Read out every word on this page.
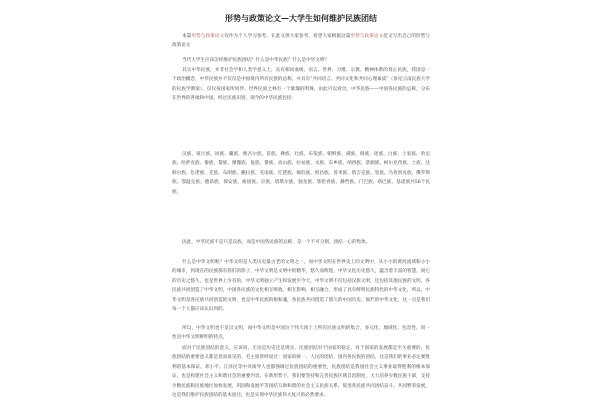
形势与政策论文—大学生如何维护民族团结

本篇形势与政策论文仅作为个人学习参考，在此文供大家参考，希望大家根据这篇形势与政策论文范文写出自己的形势与政策论文

当代大学生应该怎样维护民族团结？什么是中华民族？什么是中华文明？

其实中华民族，并非社会学和人类学意义上，具有相同血统、语言、世界、习惯、宗教、精神体系的真正民族，我国是一个政治概念，中华民族并不仅仅是中国境内所有民族的总称，并具有“共同语言、共同文化和共同心理素质”（参见云南民族大学的民族学教案），仅仅按国家所同伴、世界民族之林有一个璀璨的明珠，由此可以看出，中华民族——中国各民族的总称，分布在世界的各地和中国，经过民族识别，现今的中华民族包括：

汉族、蒙古族、回族、藏族、维吾尔族、苗族、彝族、壮族、布依族、朝鲜族、满族、侗族、瑶族、白族、土家族、哈尼族、哈萨克族、傣族、黎族、傈僳族、佤族、畲族、高山族、拉祜族、水族、东乡族、纳西族、景颇族、柯尔克孜族、土族、达斡尔族、仫佬族、羌族、布朗族、撒拉族、毛南族、仡佬族、锡伯族、阿昌族、普米族、塔吉克族、怒族、乌孜别克族、俄罗斯族、鄂温克族、德昂族、保安族、裕固族、京族、塔塔尔族、独龙族、鄂伦春族、赫哲族、门巴族、珞巴族、基诺族共56个民族。

因此，中华民族不是只是汉族，而是中国各民族的总称，是一个不可分割、团结一心的集体。

什么是中华文明呢？中华文明是人类历史最古老的文明之一，而中华文明在世界史上的文明中，从小小的黄河流域和小小的城市，到现在的民族都有我们的影子，中华文明是文明中的精华，悠久而辉煌，中华文化历史悠久，蕴含着丰富的智慧，而它的历史之悠久，也是世界上少有的，中华文明独立产生和发展至今天，中华文明不仅包括汉族文明，还包括其他民族的文明，各民族共同创造了中华文明，中国各民族的文化相互吸收、相互影响、相互融合，形成了具有鲜明民族特色的中华文化，所以，中华文明是各民族共同创造的文明，也是中华民族的根和魂，各民族共同创造了悠久的中国历史、灿烂的中华文化，这一点是我们每一个人都应该认识到的。

所以，中华文明也不是汉文明，而中华文明是中国这个伟大国土上所有民族文明的集合，多元化、地域化、包容性、同一性是中华文明鲜明的特点。

面对于民族团结的意义，应该说，无论是历史还是现实，民族团结对于国家的稳定、对于国家的发展都是至关重要的，民族团结的重要意义都是显而易见的。毛主席曾经说过：国家的统一，人民的团结，国内各民族的团结，这是我们的事业必定要胜利的基本保证。邓小平、江泽民等中央领导人也都强调过民族团结的重要性，民族团结是我国社会主义事业取得胜利的根本保证，也是构建社会主义和谐社会的重要内容。在新形势下，我们要坚持和完善民族区域自治制度，大力培养少数民族干部，支持少数民族和民族地区加快发展，巩固和发展平等团结互助和谐的社会主义民族关系，促进各民族共同团结奋斗、共同繁荣发展，这是我们维护民族团结的基本途径，也是实现中华民族伟大复兴的必然要求。
